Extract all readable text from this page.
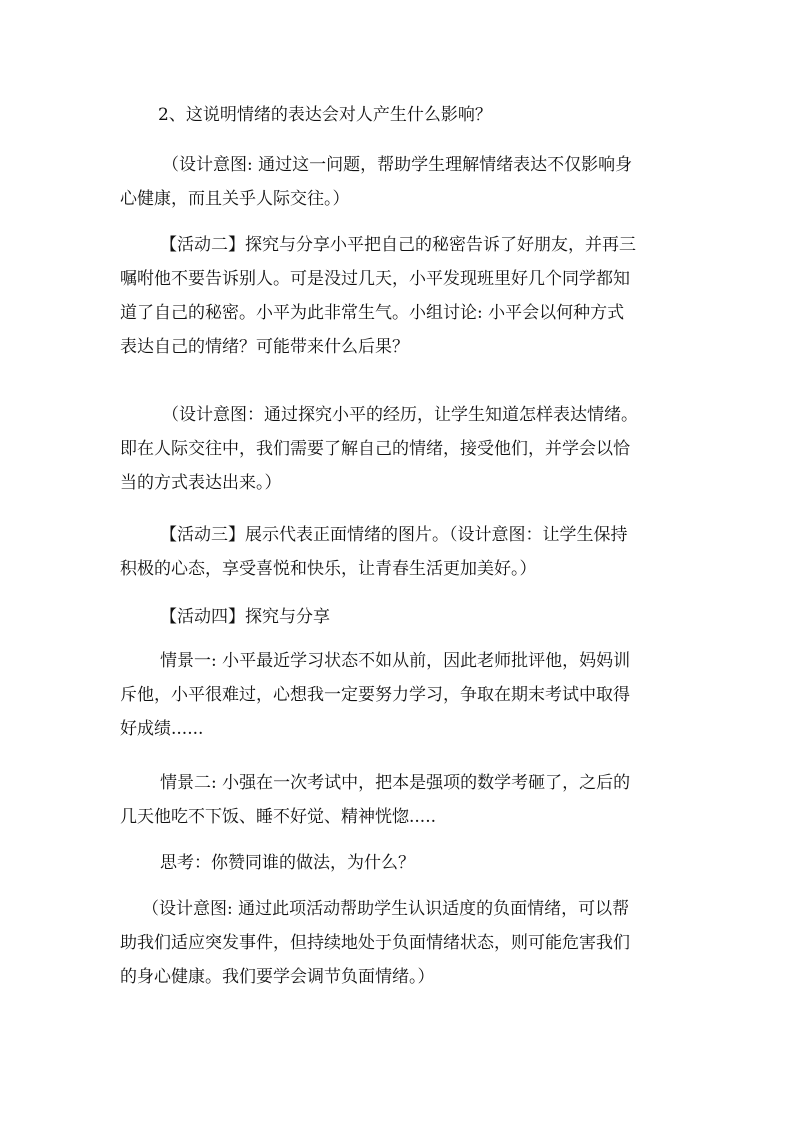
2、这说明情绪的表达会对人产生什么影响？

（设计意图: 通过这一问题，帮助学生理解情绪表达不仅影响身
心健康，而且关乎人际交往。）

【活动二】探究与分享小平把自己的秘密告诉了好朋友，并再三
嘱咐他不要告诉别人。可是没过几天，小平发现班里好几个同学都知
道了自己的秘密。小平为此非常生气。小组讨论: 小平会以何种方式
表达自己的情绪？可能带来什么后果？

（设计意图：通过探究小平的经历，让学生知道怎样表达情绪。
即在人际交往中，我们需要了解自己的情绪，接受他们，并学会以恰
当的方式表达出来。）

【活动三】展示代表正面情绪的图片。（设计意图：让学生保持
积极的心态，享受喜悦和快乐，让青春生活更加美好。）

【活动四】探究与分享

情景一: 小平最近学习状态不如从前，因此老师批评他，妈妈训
斥他，小平很难过，心想我一定要努力学习，争取在期末考试中取得
好成绩......

情景二: 小强在一次考试中，把本是强项的数学考砸了，之后的
几天他吃不下饭、睡不好觉、精神恍惚.....

思考：你赞同谁的做法，为什么？

（设计意图: 通过此项活动帮助学生认识适度的负面情绪，可以帮
助我们适应突发事件，但持续地处于负面情绪状态，则可能危害我们
的身心健康。我们要学会调节负面情绪。）
